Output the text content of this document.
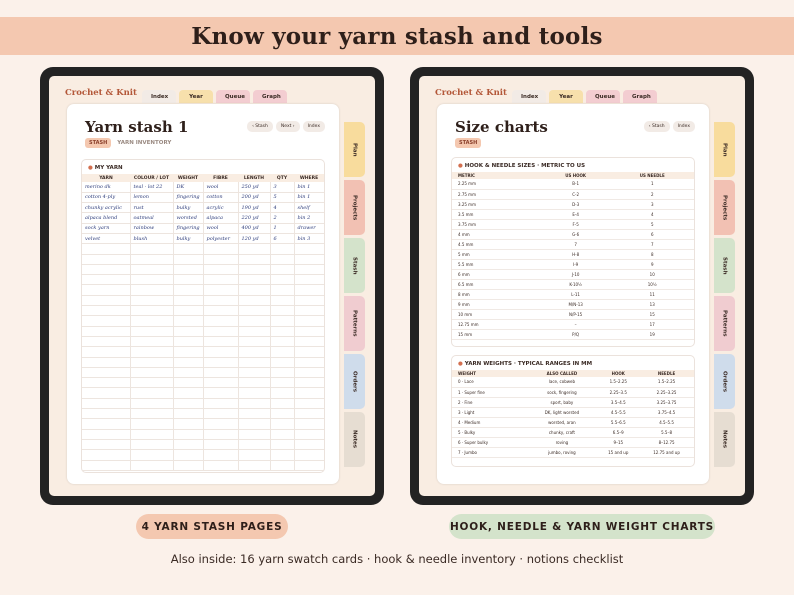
Know your yarn stash and tools
Crochet & Knit	Index	Year	Queue	Graph
Plan
Projects
Stash
Patterns
Orders
Notes
Yarn stash 1	‹ Stash	Next ›	Index
STASH	YARN INVENTORY
● MY YARN
YARN	COLOUR / LOT	WEIGHT	FIBRE	LENGTH	QTY	WHERE
merino dk	teal · lot 22	DK	wool	250 yd	3	bin 1
cotton 4-ply	lemon	fingering	cotton	200 yd	5	bin 1
chunky acrylic	rust	bulky	acrylic	190 yd	4	shelf
alpaca blend	oatmeal	worsted	alpaca	220 yd	2	bin 2
sock yarn	rainbow	fingering	wool	400 yd	1	drawer
velvet	blush	bulky	polyester	120 yd	6	bin 3

Crochet & Knit	Index	Year	Queue	Graph
Plan
Projects
Stash
Patterns
Orders
Notes
Size charts	‹ Stash	Index
STASH
● HOOK & NEEDLE SIZES · METRIC TO US
METRIC	US HOOK	US NEEDLE
2.25 mm	B-1	1
2.75 mm	C-2	2
3.25 mm	D-3	3
3.5 mm	E-4	4
3.75 mm	F-5	5
4 mm	G-6	6
4.5 mm	7	7
5 mm	H-8	8
5.5 mm	I-9	9
6 mm	J-10	10
6.5 mm	K-10½	10½
8 mm	L-11	11
9 mm	M/N-13	13
10 mm	N/P-15	15
12.75 mm	–	17
15 mm	P/Q	19
● YARN WEIGHTS · TYPICAL RANGES IN MM
WEIGHT	ALSO CALLED	HOOK	NEEDLE
0 · Lace	lace, cobweb	1.5–2.25	1.5–2.25
1 · Super fine	sock, fingering	2.25–3.5	2.25–3.25
2 · Fine	sport, baby	3.5–4.5	3.25–3.75
3 · Light	DK, light worsted	4.5–5.5	3.75–4.5
4 · Medium	worsted, aran	5.5–6.5	4.5–5.5
5 · Bulky	chunky, craft	6.5–9	5.5–8
6 · Super bulky	roving	9–15	8–12.75
7 · Jumbo	jumbo, roving	15 and up	12.75 and up
4 YARN STASH PAGES	HOOK, NEEDLE & YARN WEIGHT CHARTS
Also inside: 16 yarn swatch cards · hook & needle inventory · notions checklist
